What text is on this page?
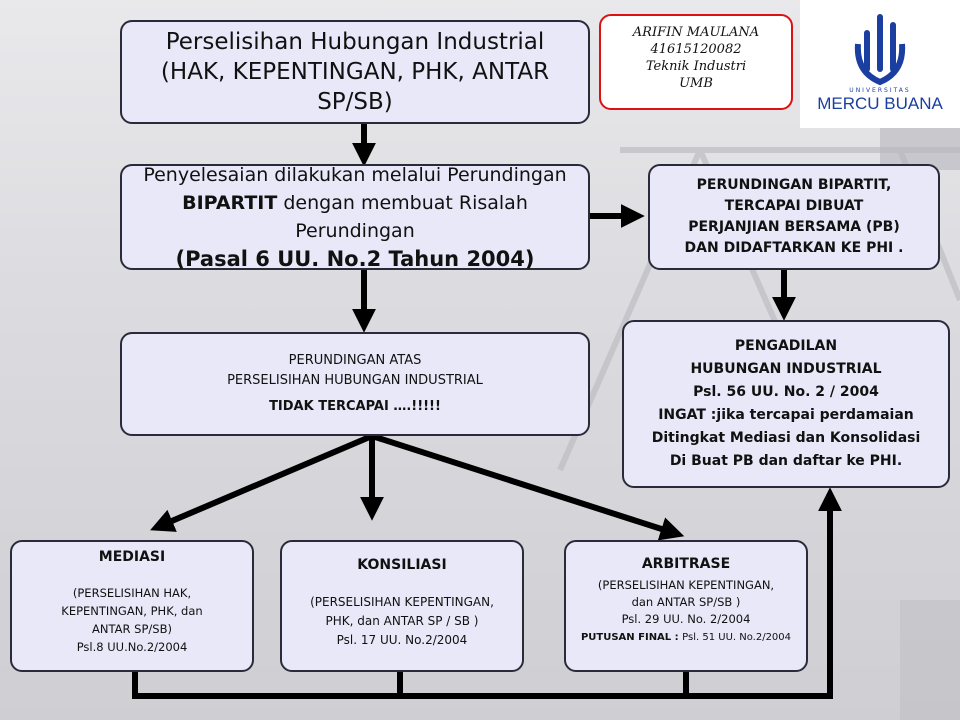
Perselisihan Hubungan Industrial
(HAK, KEPENTINGAN, PHK, ANTAR SP/SB)
Penyelesaian dilakukan melalui Perundingan
BIPARTIT dengan membuat Risalah Perundingan
(Pasal 6 UU. No.2 Tahun 2004)
PERUNDINGAN BIPARTIT,
TERCAPAI DIBUAT
PERJANJIAN BERSAMA (PB)
DAN DIDAFTARKAN KE PHI .
PERUNDINGAN ATAS
PERSELISIHAN HUBUNGAN INDUSTRIAL
TIDAK TERCAPAI ….!!!!!
PENGADILAN
HUBUNGAN INDUSTRIAL
Psl. 56 UU. No. 2 / 2004
INGAT :jika tercapai perdamaian
Ditingkat Mediasi dan Konsolidasi
Di Buat PB dan daftar ke PHI.
MEDIASI
(PERSELISIHAN HAK,
KEPENTINGAN, PHK, dan
ANTAR SP/SB)
Psl.8 UU.No.2/2004
KONSILIASI
(PERSELISIHAN KEPENTINGAN,
PHK, dan ANTAR SP / SB )
Psl. 17 UU. No.2/2004
ARBITRASE
(PERSELISIHAN KEPENTINGAN,
dan ANTAR SP/SB )
Psl. 29 UU. No. 2/2004
PUTUSAN FINAL : Psl. 51 UU. No.2/2004
ARIFIN MAULANA
41615120082
Teknik Industri
UMB	UNIVERSITAS
MERCU BUANA
